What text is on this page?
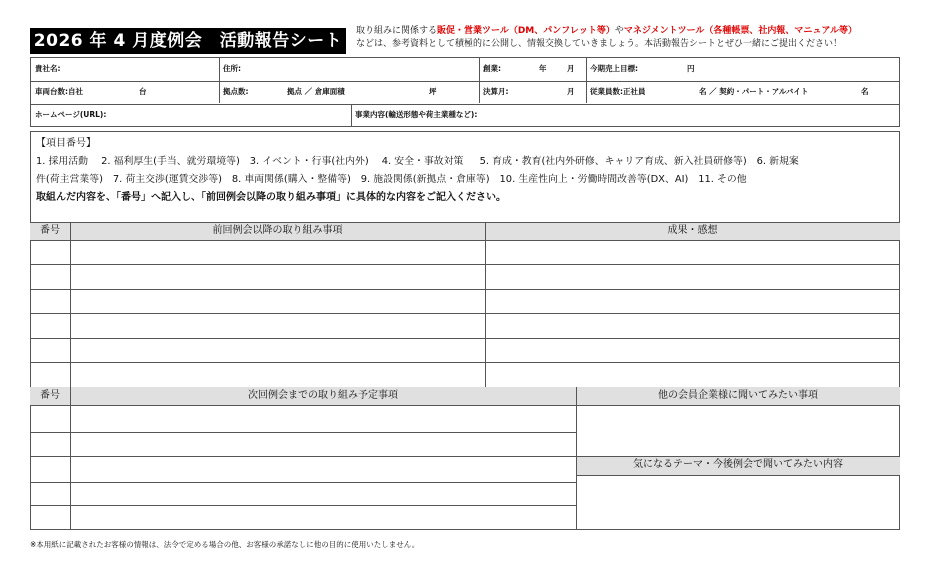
2026 年 4 月度例会　活動報告シート	取り組みに関係する販促・営業ツール（DM、パンフレット等）やマネジメントツール（各種帳票、社内報、マニュアル等）
などは、参考資料として積極的に公開し、情報交換していきましょう。本活動報告シートとぜひ一緒にご提出ください！
貴社名:	住所:	創業:	年	月 今期売上目標:	円
車両台数:自社	台	拠点数:	拠点 ／ 倉庫面積	坪	決算月:	月 従業員数:正社員	名 ／ 契約・パート・アルバイト	名
ホームページ(URL):	事業内容(輸送形態や荷主業種など):
【項目番号】
1. 採用活動　 2. 福利厚生(手当、就労環境等)　3. イベント・行事(社内外)　 4. 安全・事故対策 　 5. 育成・教育(社内外研修、キャリア育成、新入社員研修等)　6. 新規案
件(荷主営業等)　7. 荷主交渉(運賃交渉等)　8. 車両関係(購入・整備等)　9. 施設関係(新拠点・倉庫等)　10. 生産性向上・労働時間改善等(DX、AI)　11. その他
取組んだ内容を、「番号」へ記入し、「前回例会以降の取り組み事項」に具体的な内容をご記入ください。
番号	前回例会以降の取り組み事項	成果・感想
番号	次回例会までの取り組み予定事項	他の会員企業様に聞いてみたい事項
気になるテーマ・今後例会で聞いてみたい内容
※本用紙に記載されたお客様の情報は、法令で定める場合の他、お客様の承諾なしに他の目的に使用いたしません。
